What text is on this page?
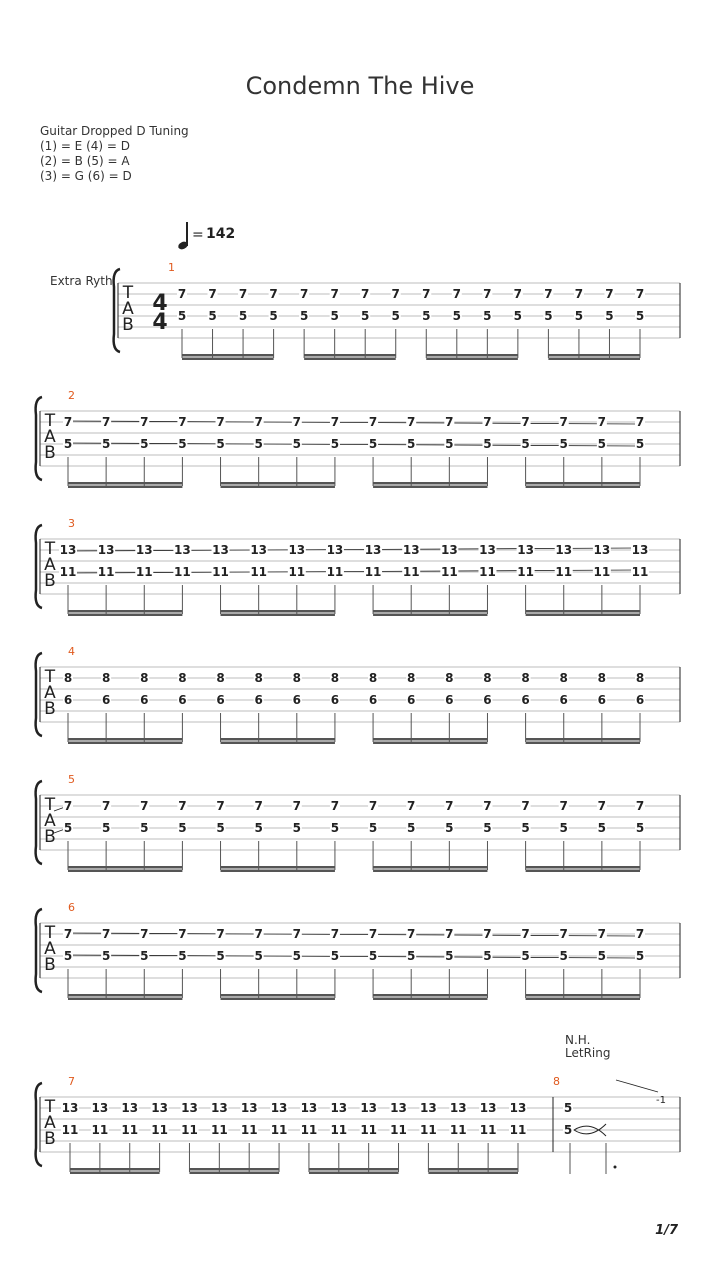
Condemn The Hive
Guitar Dropped D Tuning
(1) = E (4) = D
(2) = B (5) = A
(3) = G (6) = D
= 142
Extra Ryth
N.H.
LetRing
1/7
T
A
B
4
4
1
7
5
7
5
7
5
7
5
7
5
7
5
7
5
7
5
7
5
7
5
7
5
7
5
7
5
7
5
7
5
7
5
T
A
B
2
7
5
7
5
7
5
7
5
7
5
7
5
7
5
7
5
7
5
7
5
7
5
7
5
7
5
7
5
7
5
7
5
T
A
B
3
13
11
13
11
13
11
13
11
13
11
13
11
13
11
13
11
13
11
13
11
13
11
13
11
13
11
13
11
13
11
13
11
T
A
B
4
8
6
8
6
8
6
8
6
8
6
8
6
8
6
8
6
8
6
8
6
8
6
8
6
8
6
8
6
8
6
8
6
T
A
B
5
7
5
7
5
7
5
7
5
7
5
7
5
7
5
7
5
7
5
7
5
7
5
7
5
7
5
7
5
7
5
7
5
T
A
B
6
7
5
7
5
7
5
7
5
7
5
7
5
7
5
7
5
7
5
7
5
7
5
7
5
7
5
7
5
7
5
7
5
T
A
B
7
13
11
13
11
13
11
13
11
13
11
13
11
13
11
13
11
13
11
13
11
13
11
13
11
13
11
13
11
13
11
13
11
8
5
5
-1
